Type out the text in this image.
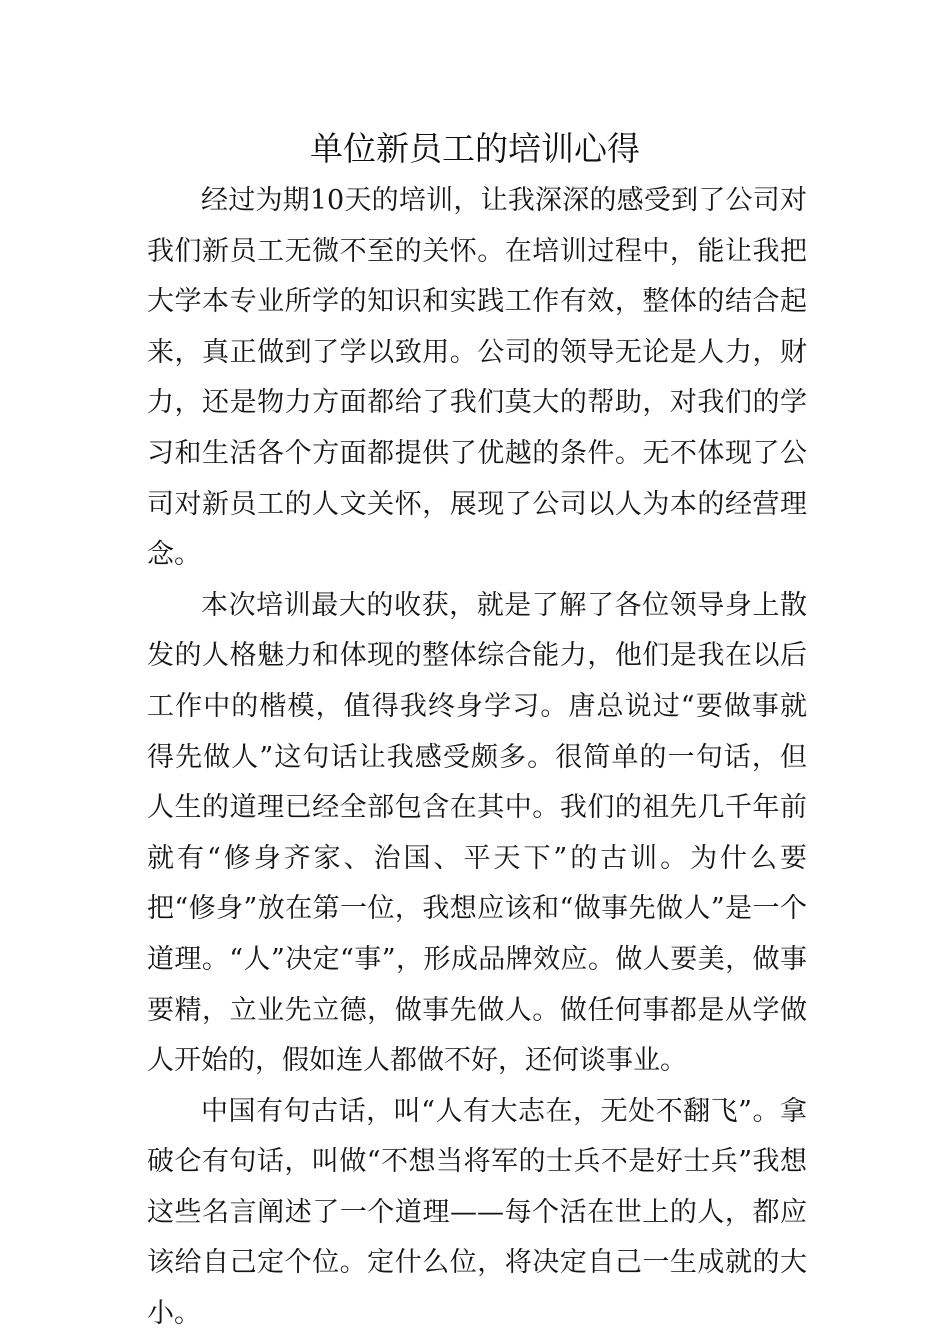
单位新员工的培训心得

经过为期10天的培训，让我深深的感受到了公司对我们新员工无微不至的关怀。在培训过程中，能让我把大学本专业所学的知识和实践工作有效，整体的结合起来，真正做到了学以致用。公司的领导无论是人力，财力，还是物力方面都给了我们莫大的帮助，对我们的学习和生活各个方面都提供了优越的条件。无不体现了公司对新员工的人文关怀，展现了公司以人为本的经营理念。

本次培训最大的收获，就是了解了各位领导身上散发的人格魅力和体现的整体综合能力，他们是我在以后工作中的楷模，值得我终身学习。唐总说过“要做事就得先做人”这句话让我感受颇多。很简单的一句话，但人生的道理已经全部包含在其中。我们的祖先几千年前就有“修身齐家、治国、平天下”的古训。为什么要把“修身”放在第一位，我想应该和“做事先做人”是一个道理。“人”决定“事”，形成品牌效应。做人要美，做事要精，立业先立德，做事先做人。做任何事都是从学做人开始的，假如连人都做不好，还何谈事业。

中国有句古话，叫“人有大志在，无处不翻飞”。拿破仑有句话，叫做“不想当将军的士兵不是好士兵”我想这些名言阐述了一个道理——每个活在世上的人，都应该给自己定个位。定什么位，将决定自己一生成就的大小。
